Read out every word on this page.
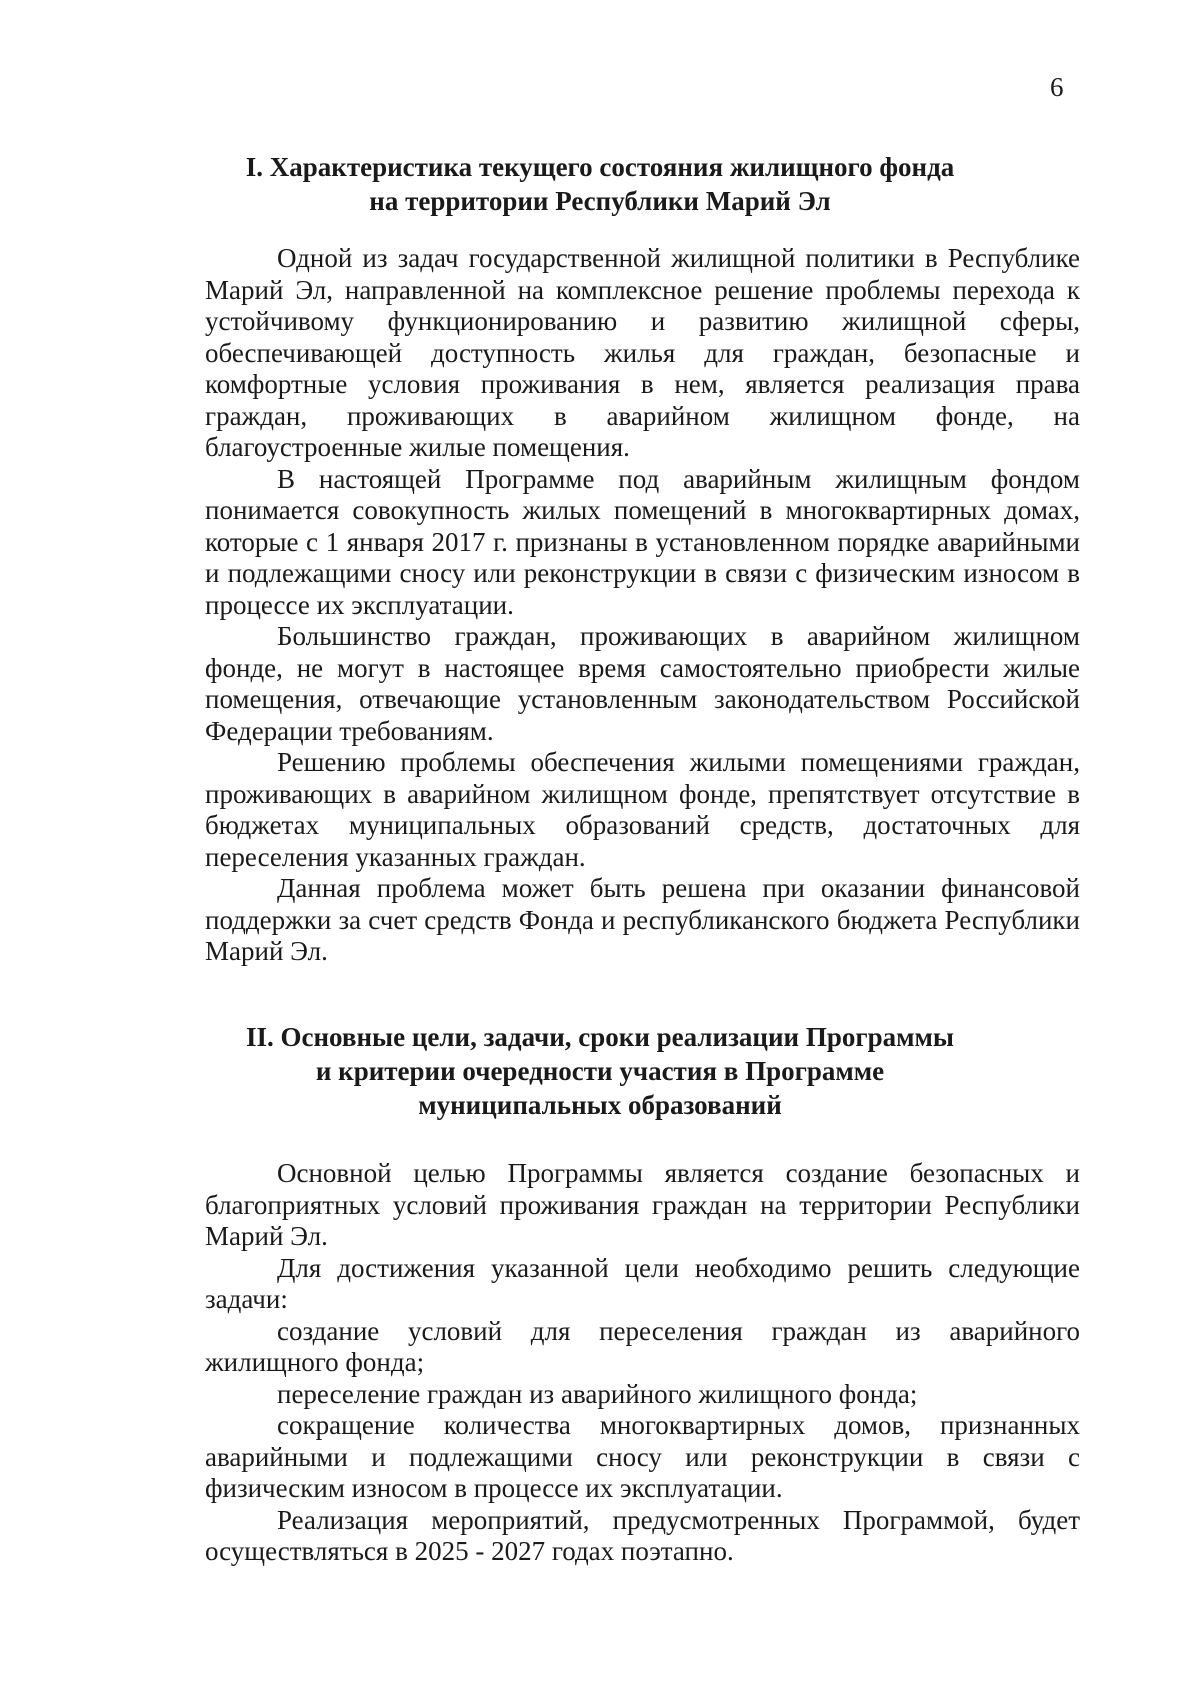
6
I. Характеристика текущего состояния жилищного фонда
на территории Республики Марий Эл

Одной из задач государственной жилищной политики в Республике Марий Эл, направленной на комплексное решение проблемы перехода к устойчивому функционированию и развитию жилищной сферы, обеспечивающей доступность жилья для граждан, безопасные и комфортные условия проживания в нем, является реализация права граждан, проживающих в аварийном жилищном фонде, на благоустроенные жилые помещения.

В настоящей Программе под аварийным жилищным фондом понимается совокупность жилых помещений в многоквартирных домах, которые с 1 января 2017 г. признаны в установленном порядке аварийными и подлежащими сносу или реконструкции в связи с физическим износом в процессе их эксплуатации.

Большинство граждан, проживающих в аварийном жилищном фонде, не могут в настоящее время самостоятельно приобрести жилые помещения, отвечающие установленным законодательством Российской Федерации требованиям.

Решению проблемы обеспечения жилыми помещениями граждан, проживающих в аварийном жилищном фонде, препятствует отсутствие в бюджетах муниципальных образований средств, достаточных для переселения указанных граждан.

Данная проблема может быть решена при оказании финансовой поддержки за счет средств Фонда и республиканского бюджета Республики Марий Эл.

II. Основные цели, задачи, сроки реализации Программы
и критерии очередности участия в Программе
муниципальных образований

Основной целью Программы является создание безопасных и благоприятных условий проживания граждан на территории Республики Марий Эл.

Для достижения указанной цели необходимо решить следующие задачи:

создание условий для переселения граждан из аварийного жилищного фонда;

переселение граждан из аварийного жилищного фонда;

сокращение количества многоквартирных домов, признанных аварийными и подлежащими сносу или реконструкции в связи с физическим износом в процессе их эксплуатации.

Реализация мероприятий, предусмотренных Программой, будет осуществляться в 2025 - 2027 годах поэтапно.
